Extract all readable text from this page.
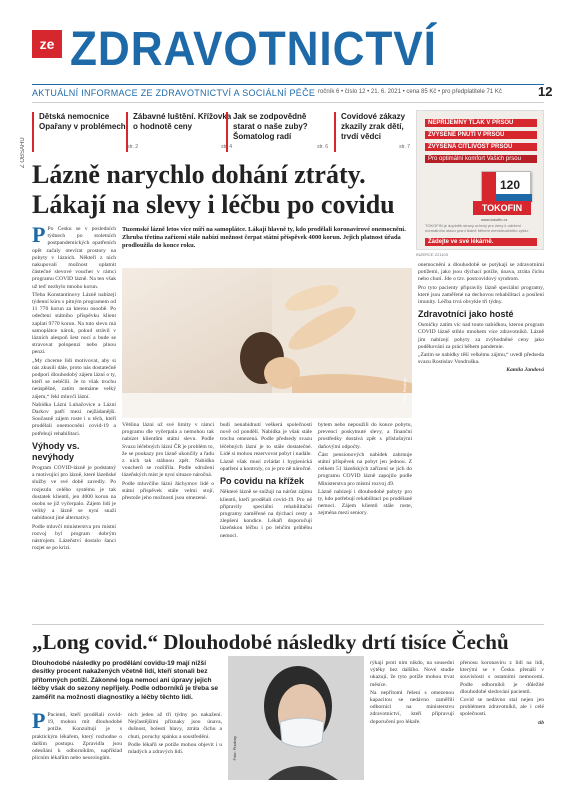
ze ZDRAVOTNICTVÍ
AKTUÁLNÍ INFORMACE ZE ZDRAVOTNICTVÍ A SOCIÁLNÍ PÉČE ročník 6 • číslo 12 • 21. 6. 2021 • cena 85 Kč • pro předplatitele 71 Kč	12
Z OBSAHU
Dětská nemocnice Opařany v problémech
str. 2
Zábavné luštění. Křížovka o hodnotě ceny
str. 4
Jak se zodpovědně starat o naše zuby? Šomatolog radí
str. 6
Covidové zákazy zkazily zrak dětí, trvdí vědci
str. 7
NEPŘÍJEMNÝ TLAK V PRSOU
ZVÝŠENÉ PNUTÍ V PRSOU
ZVÝŠENÁ CITLIVOST PRSOU
Pro optimální komfort Vašich prsou
120
TOKOFIN
www.tokofin.cz
TOKOFIN je doplněk stravy určený pro ženy k udržení normálního stavu prsní tkáně během menstruačního cyklu.
Žádejte ve své lékárně.
INZERCE Z21103
Lázně narychlo dohání ztráty. Lákají na slevy i léčbu po covidu

P Po Česku se v posledních týdnech po stoletních postpandemických opatřeních opět začaly otevírat prostory na pobyty v lázních. Někteří z nich nakupovali možnost uplatnit částečné slevové voucher v rámci programu COVID lázně. Na ten však už teď nezbylo mnoho korun.

Třeba Konstantinovy Lázně nabízejí týdenní kúru s pitným programem od 11 770 korun za kterou osoobě. Po odečtení státního příspěvku klient zaplatí 9770 korun. Na tuto slevu má samoplátce nárok, pokud strávil v lázních alespoň šest nocí a bude se stravovat polopenzí nebo plnou penzí.

„My chceme lidi motivovat, aby si nás zkusili dále, proto nás dostatečně podporí dlouhodobý zájem lázní o ty, kteří se neléčili. Je to však trochu neúspěšné, zatím nemáme velký zájem,“ řekl mluvčí lázní.

Nabídka Lázní Luhačovice a Lázní Darkov patří mezi nejžádanější. Současně zájem roste i u těch, kteří prodělali onemocnění covid-19 a potřebují rehabilitaci.

Výhody vs. nevýhody

Program COVID-lázně je podstatný a motivující pro lázně, které lázeňské služby ve své době zavedly. Po rozjezdu celého systému je tak dostatek klientů, jen 4000 korun na osobu se již vyčerpalo. Zájem lidí je veliký a lázně se nyní snaží nabídnout jiné alternativy.

Podle mluvčí ministerstva pro místní rozvoj byl program dobrým nástrojem. Lázeňství dostalo šanci rozjet se po krizi.

Tuzemské lázně letos více míří na samoplátce. Lákají hlavně ty, kdo prodělali koronavirové onemocnění. Zhruba třetina zařízení stále nabízí možnost čerpat státní příspěvek 4000 korun. Jejich platnost úřada prodloužila do konce roku.
Foto: Pixabay

Většina lázní už své limity v rámci programu dle vyčerpala a nemohou tak nabízet klientům státní slevu. Podle Svazu léčebných lázní ČR je problém to, že se poukazy pro lázně ukončily a řadu z nich tak stáhnou zpět. Nabídka voucherů se rozšířila. Podle sdružení lázeňských míst je nyní situace náročná.

Podle mluvčího lázní Jáchymov lidé o státní příspěvek stále velmi stojí, přestože jeho možnosti jsou omezené.

budí nenabídnutí veškerá společností nově od pondělí. Nabídka je však stále trochu omezená. Podle předsedy svazu léčebných lázní je to stále dostatečné. Lidé si mohou rezervovat pobyt i nadále.

Lázně však musí zvládat i hygienická opatření a kontroly, co je pro ně náročné.

Po covidu na křížek

Některé lázně se snížují na nárůst zájmu klientů, kteří prodělali covid-19. Pro ně připravily speciální rehabilitační programy zaměřené na dýchací cesty a zlepšení kondice. Lékaři doporučují lázeňskou léčbu i po lehčím průběhu nemoci.

bytem nebo nepoužili do konce pobytu, prevencí poskytnuté slevy, a finanční prostředky dostává zpět s příslušnými daňovými odpočty.

Část pensionových nabídek zahrnuje státní příspěvek na pobyt jen jednou. Z celkem 51 lázeňských zařízení se jich do programu COVID lázně zapojilo podle Ministerstva pro místní rozvoj 49.

Lázně nabízejí i dlouhodobé pobyty pro ty, kdo potřebují rehabilitaci po prodělané nemoci. Zájem klientů stále roste, zejména mezi seniory.

onemocnění a dlouhodobě se potýkají se zdravotními potížemi, jako jsou dýchací potíže, únava, ztráta čichu nebo chuti. Jde o tzv. postcovidový syndrom.

Pro tyto pacienty připravily lázně speciální programy, které jsou zaměřené na dechovou rehabilitaci a posílení imunity. Léčba trvá obvykle tři týdny.

Zdravotníci jako hosté

Osmičky zatím víc nad touto nabídkou, kterou program COVID lázně stihlo mnohem více zdravotníků. Lázně jim nabízejí pobyty za zvýhodněné ceny jako poděkování za práci během pandemie.

„Zatím se nabídky těší velkému zájmu,“ uvedl předseda svazu Rostislav Vondruška.

Kamila Jandová

„Long covid.“ Dlouhodobé následky drtí tisíce Čechů
Dlouhodobé následky po prodělání covidu-19 mají nižší desítky procent nakažených včetně lidí, kteří stonali bez přítomných potíží. Zákonné loga nemocí ani úpravy jejich léčby však do sezony nepřijely. Podle odborníků je třeba se zaměřit na možnosti diagnostiky a léčby těchto lidí.

P Pacienti, kteří prodělali covid-19, mohou mít dlouhodobé potíže. Konzultují je s praktickým lékařem, který rozhodne o dalším postupu. Zpravidla jsou odesíláni k odborníkům, například plicním lékařům nebo neurologům.

ních jeden až tři týdny po nakažení. Nejčastějšími příznaky jsou únava, dušnost, bolesti hlavy, ztráta čichu a chuti, poruchy spánku a soustředění.

Podle lékařů se potíže mohou objevit i u mladých a zdravých lidí.	Foto: Pixabay

rýkají proti nim nikdo, na sousední výtěky bez dalšího. Nové studie ukazují, že tyto potíže mohou trvat měsíce.

Na nepřítoml řešení s omezenou kapacitou se nedávno zaměřili odborníci na ministerstvu zdravotnictví, kteří připravují doporučení pro lékaře.

přenosu koronaviru z lidí na lidi, kterými se v Česku přenáší v souvislosti s ostatními nemocemi. Podle odborníků je důležité dlouhodobé sledování pacientů.

Covid se nedávno stal nejen jen problémem zdravotníků, ale i celé společnosti.

tib
